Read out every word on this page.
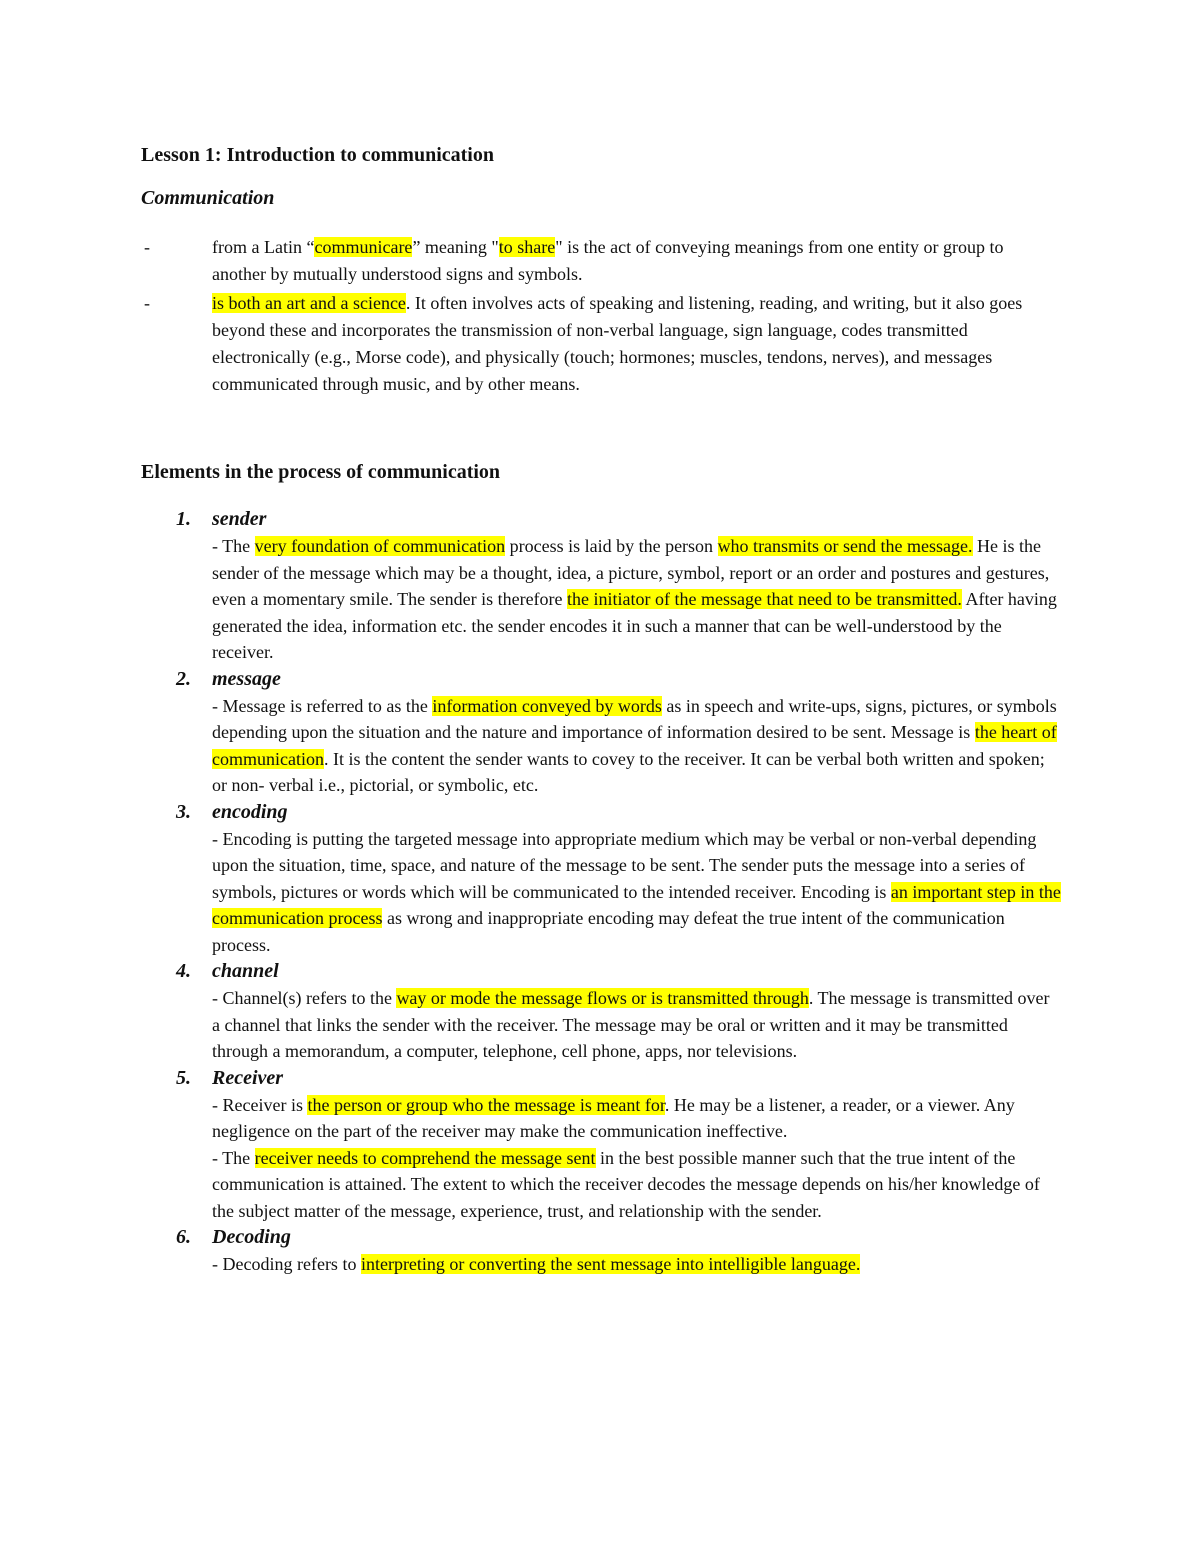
Lesson 1: Introduction to communication
Communication
-	from a Latin “communicare” meaning "to share" is the act of conveying meanings from one entity or group to another by mutually understood signs and symbols.
-	is both an art and a science. It often involves acts of speaking and listening, reading, and writing, but it also goes beyond these and incorporates the transmission of non-verbal language, sign language, codes transmitted electronically (e.g., Morse code), and physically (touch; hormones; muscles, tendons, nerves), and messages communicated through music, and by other means.
Elements in the process of communication
1. sender
- The very foundation of communication process is laid by the person who transmits or send the message. He is the sender of the message which may be a thought, idea, a picture, symbol, report or an order and postures and gestures, even a momentary smile. The sender is therefore the initiator of the message that need to be transmitted. After having generated the idea, information etc. the sender encodes it in such a manner that can be well-understood by the receiver.
2. message
- Message is referred to as the information conveyed by words as in speech and write-ups, signs, pictures, or symbols depending upon the situation and the nature and importance of information desired to be sent. Message is the heart of communication. It is the content the sender wants to covey to the receiver. It can be verbal both written and spoken; or non- verbal i.e., pictorial, or symbolic, etc.
3. encoding
- Encoding is putting the targeted message into appropriate medium which may be verbal or non-verbal depending upon the situation, time, space, and nature of the message to be sent. The sender puts the message into a series of symbols, pictures or words which will be communicated to the intended receiver. Encoding is an important step in the communication process as wrong and inappropriate encoding may defeat the true intent of the communication process.
4. channel
- Channel(s) refers to the way or mode the message flows or is transmitted through. The message is transmitted over a channel that links the sender with the receiver. The message may be oral or written and it may be transmitted through a memorandum, a computer, telephone, cell phone, apps, nor televisions.
5. Receiver
- Receiver is the person or group who the message is meant for. He may be a listener, a reader, or a viewer. Any negligence on the part of the receiver may make the communication ineffective.
- The receiver needs to comprehend the message sent in the best possible manner such that the true intent of the communication is attained. The extent to which the receiver decodes the message depends on his/her knowledge of the subject matter of the message, experience, trust, and relationship with the sender.
6. Decoding
- Decoding refers to interpreting or converting the sent message into intelligible language.
